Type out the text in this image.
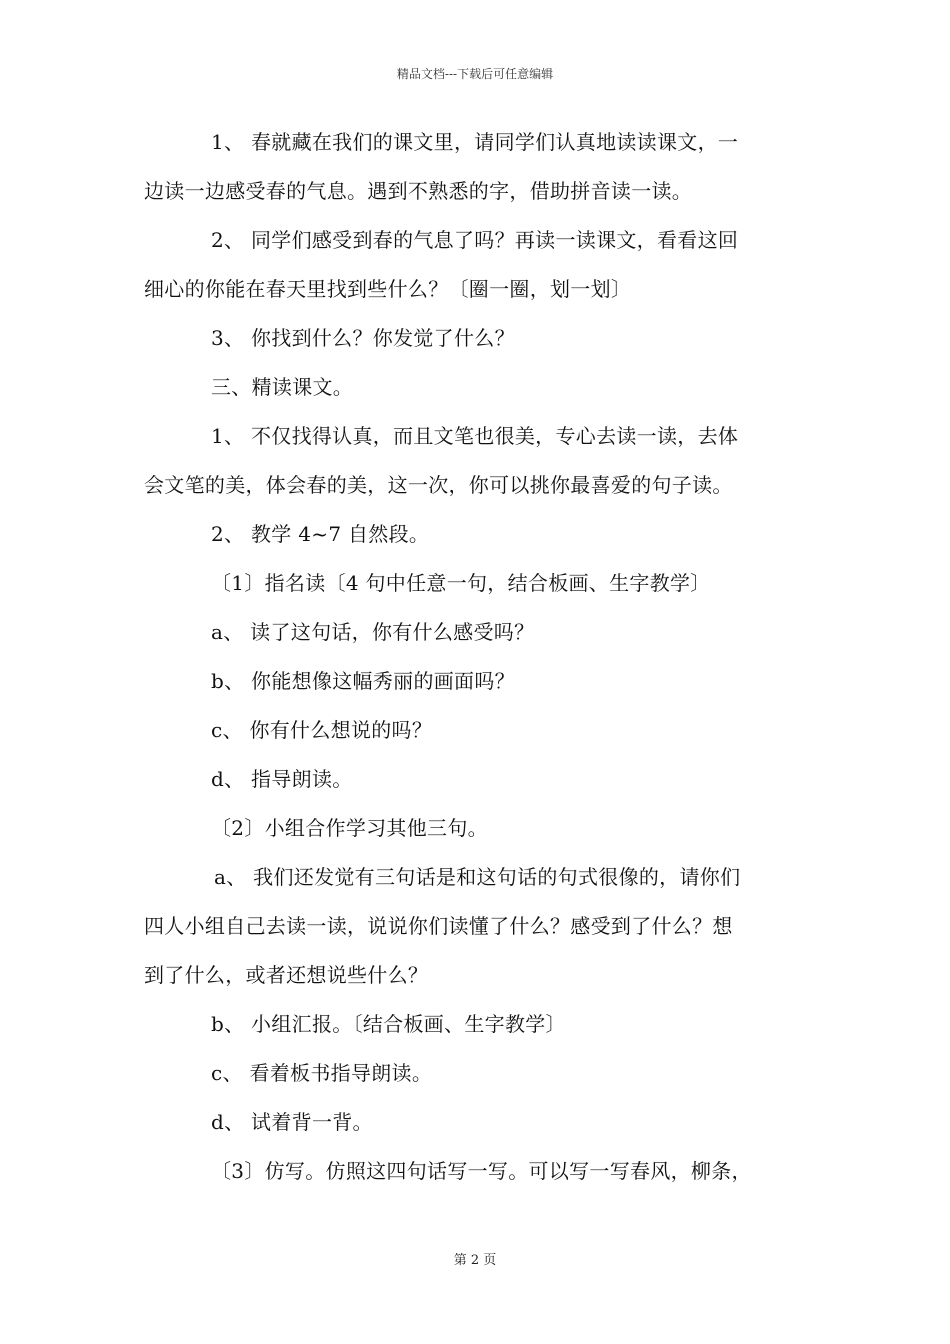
精品文档---下载后可任意编辑
1、 春就藏在我们的课文里，请同学们认真地读读课文，一
边读一边感受春的气息。遇到不熟悉的字，借助拼音读一读。
2、 同学们感受到春的气息了吗？再读一读课文，看看这回
细心的你能在春天里找到些什么？〔圈一圈，划一划〕
3、 你找到什么？你发觉了什么？
三、精读课文。
1、 不仅找得认真，而且文笔也很美，专心去读一读，去体
会文笔的美，体会春的美，这一次，你可以挑你最喜爱的句子读。
2、 教学 4~7 自然段。
〔1〕指名读〔4 句中任意一句，结合板画、生字教学〕
a、 读了这句话，你有什么感受吗？
b、 你能想像这幅秀丽的画面吗？
c、 你有什么想说的吗？
d、 指导朗读。
〔2〕小组合作学习其他三句。
a、 我们还发觉有三句话是和这句话的句式很像的，请你们
四人小组自己去读一读，说说你们读懂了什么？感受到了什么？想
到了什么，或者还想说些什么？
b、 小组汇报。〔结合板画、生字教学〕
c、 看着板书指导朗读。
d、 试着背一背。
〔3〕仿写。仿照这四句话写一写。可以写一写春风，柳条，
第 2 页
